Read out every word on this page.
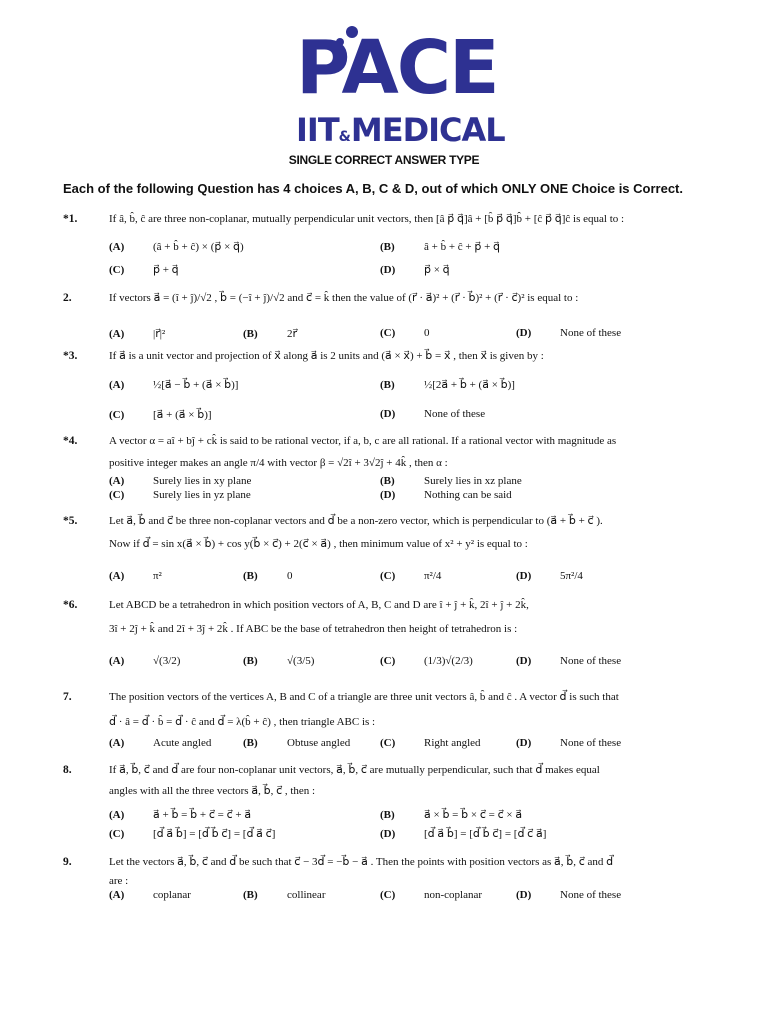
PACE
IIT&MEDICAL
SINGLE CORRECT ANSWER TYPE
Each of the following Question has 4 choices A, B, C & D, out of which ONLY ONE Choice is Correct.
*1.	If â, b̂, ĉ are three non-coplanar, mutually perpendicular unit vectors, then [â p⃗ q⃗]â + [b̂ p⃗ q⃗]b̂ + [ĉ p⃗ q⃗]ĉ is equal to :
(A)	(â + b̂ + ĉ) × (p⃗ × q⃗)	(B)	â + b̂ + ĉ + p⃗ + q⃗
(C)	p⃗ + q⃗	(D)	p⃗ × q⃗
2.	If vectors a⃗ = (î + ĵ)/√2 , b⃗ = (−î + ĵ)/√2 and c⃗ = k̂ then the value of (r⃗ · a⃗)² + (r⃗ · b⃗)² + (r⃗ · c⃗)² is equal to :
(A)	|r⃗|²	(B)	2r⃗	(C)	0	(D)	None of these
*3.	If a⃗ is a unit vector and projection of x⃗ along a⃗ is 2 units and (a⃗ × x⃗) + b⃗ = x⃗ , then x⃗ is given by :
(A)	½[a⃗ − b⃗ + (a⃗ × b⃗)]	(B)	½[2a⃗ + b⃗ + (a⃗ × b⃗)]
(C)	[a⃗ + (a⃗ × b⃗)]	(D)	None of these
*4.	A vector α = aî + bĵ + ck̂ is said to be rational vector, if a, b, c are all rational. If a rational vector with magnitude as
positive integer makes an angle π/4 with vector β = √2î + 3√2ĵ + 4k̂ , then α :
(A)	Surely lies in xy plane	(B)	Surely lies in xz plane
(C)	Surely lies in yz plane	(D)	Nothing can be said
*5.	Let a⃗, b⃗ and c⃗ be three non-coplanar vectors and d⃗ be a non-zero vector, which is perpendicular to (a⃗ + b⃗ + c⃗ ).
Now if d⃗ = sin x(a⃗ × b⃗) + cos y(b⃗ × c⃗) + 2(c⃗ × a⃗) , then minimum value of x² + y² is equal to :
(A)	π²	(B)	0	(C)	π²/4	(D)	5π²/4
*6.	Let ABCD be a tetrahedron in which position vectors of A, B, C and D are î + ĵ + k̂, 2î + ĵ + 2k̂,
3î + 2ĵ + k̂ and 2î + 3ĵ + 2k̂ . If ABC be the base of tetrahedron then height of tetrahedron is :
(A)	√(3/2)	(B)	√(3/5)	(C)	(1/3)√(2/3)	(D)	None of these
7.	The position vectors of the vertices A, B and C of a triangle are three unit vectors â, b̂ and ĉ . A vector d⃗ is such that
d⃗ · â = d⃗ · b̂ = d⃗ · ĉ and d⃗ = λ(b̂ + ĉ) , then triangle ABC is :
(A)	Acute angled	(B)	Obtuse angled	(C)	Right angled	(D)	None of these
8.	If a⃗, b⃗, c⃗ and d⃗ are four non-coplanar unit vectors, a⃗, b⃗, c⃗ are mutually perpendicular, such that d⃗ makes equal
angles with all the three vectors a⃗, b⃗, c⃗ , then :
(A)	a⃗ + b⃗ = b⃗ + c⃗ = c⃗ + a⃗	(B)	a⃗ × b⃗ = b⃗ × c⃗ = c⃗ × a⃗
(C)	[d⃗ a⃗ b⃗] = [d⃗ b⃗ c⃗] = [d⃗ a⃗ c⃗]	(D)	[d⃗ a⃗ b⃗] = [d⃗ b⃗ c⃗] = [d⃗ c⃗ a⃗]
9.	Let the vectors a⃗, b⃗, c⃗ and d⃗ be such that c⃗ − 3d⃗ = −b⃗ − a⃗ . Then the points with position vectors as a⃗, b⃗, c⃗ and d⃗
are :
(A)	coplanar	(B)	collinear	(C)	non-coplanar	(D)	None of these
